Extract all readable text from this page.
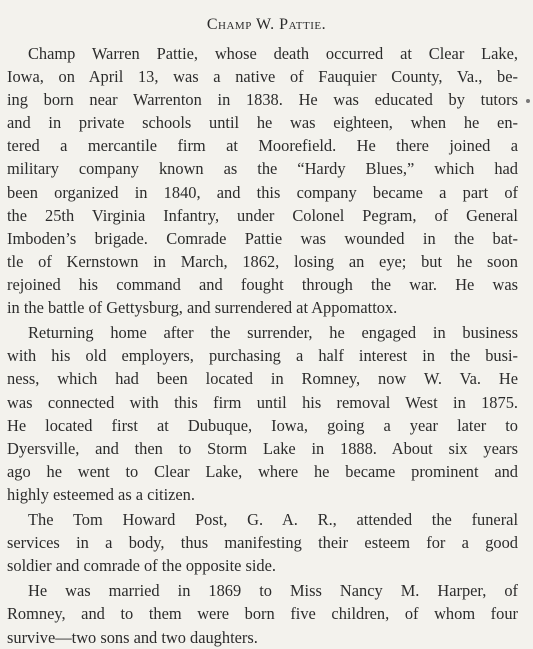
Champ W. Pattie.
Champ Warren Pattie, whose death occurred at Clear Lake,
Iowa, on April 13, was a native of Fauquier County, Va., be-
ing born near Warrenton in 1838. He was educated by tutors
and in private schools until he was eighteen, when he en-
tered a mercantile firm at Moorefield. He there joined a
military company known as the “Hardy Blues,” which had
been organized in 1840, and this company became a part of
the 25th Virginia Infantry, under Colonel Pegram, of General
Imboden’s brigade. Comrade Pattie was wounded in the bat-
tle of Kernstown in March, 1862, losing an eye; but he soon
rejoined his command and fought through the war. He was
in the battle of Gettysburg, and surrendered at Appomattox.
Returning home after the surrender, he engaged in business
with his old employers, purchasing a half interest in the busi-
ness, which had been located in Romney, now W. Va. He
was connected with this firm until his removal West in 1875.
He located first at Dubuque, Iowa, going a year later to
Dyersville, and then to Storm Lake in 1888. About six years
ago he went to Clear Lake, where he became prominent and
highly esteemed as a citizen.
The Tom Howard Post, G. A. R., attended the funeral
services in a body, thus manifesting their esteem for a good
soldier and comrade of the opposite side.
He was married in 1869 to Miss Nancy M. Harper, of
Romney, and to them were born five children, of whom four
survive—two sons and two daughters.
